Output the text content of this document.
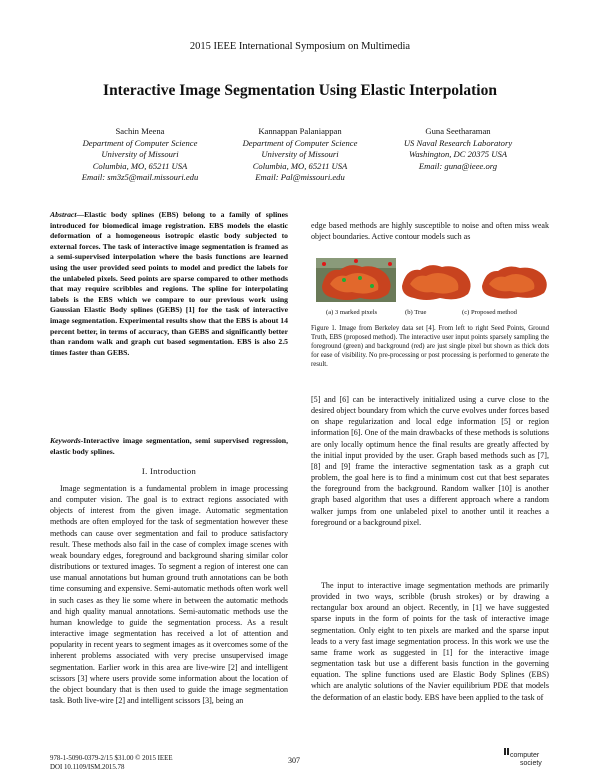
2015 IEEE International Symposium on Multimedia
Interactive Image Segmentation Using Elastic Interpolation
Sachin Meena
Department of Computer Science
University of Missouri
Columbia, MO, 65211 USA
Email: sm3z5@mail.missouri.edu
Kannappan Palaniappan
Department of Computer Science
University of Missouri
Columbia, MO, 65211 USA
Email: Pal@missouri.edu
Guna Seetharaman
US Naval Research Laboratory
Washington, DC 20375 USA
Email: guna@ieee.org
Abstract—Elastic body splines (EBS) belong to a family of splines introduced for biomedical image registration. EBS models the elastic deformation of a homogeneous isotropic elastic body subjected to external forces. The task of interactive image segmentation is framed as a semi-supervised interpolation where the basis functions are learned using the user provided seed points to model and predict the labels for the unlabeled pixels. Seed points are sparse compared to other methods that may require scribbles and regions. The spline for interpolating labels is the EBS which we compare to our previous work using Gaussian Elastic Body splines (GEBS) [1] for the task of interactive image segmentation. Experimental results show that the EBS is about 14 percent better, in terms of accuracy, than GEBS and significantly better than random walk and graph cut based segmentation. EBS is also 2.5 times faster than GEBS.
Keywords-Interactive image segmentation, semi supervised regression, elastic body splines.
I. Introduction

Image segmentation is a fundamental problem in image processing and computer vision. The goal is to extract regions associated with objects of interest from the given image. Automatic segmentation methods are often employed for the task of segmentation however these methods can cause over segmentation and fail to produce satisfactory result. These methods also fail in the case of complex image scenes with weak boundary edges, foreground and background sharing similar color distributions or textured images. To segment a region of interest one can use manual annotations but human ground truth annotations can be both time consuming and expensive. Semi-automatic methods often work well in such cases as they lie some where in between the automatic methods and high quality manual annotations. Semi-automatic methods use the human knowledge to guide the segmentation process. As a result interactive image segmentation has received a lot of attention and popularity in recent years to segment images as it overcomes some of the inherent problems associated with very precise unsupervised image segmentation. Earlier work in this area are live-wire [2] and intelligent scissors [3] where users provide some information about the location of the object boundary that is then used to guide the image segmentation task. Both live-wire [2] and intelligent scissors [3], being an

edge based methods are highly susceptible to noise and often miss weak object boundaries. Active contour models such as

(a) 3 marked pixels	(b) True	(c) Proposed method
Figure 1. Image from Berkeley data set [4]. From left to right Seed Points, Ground Truth, EBS (proposed method). The interactive user input points sparsely sampling the foreground (green) and background (red) are just single pixel but shown as thick dots for ease of visibility. No pre-processing or post processing is performed to generate the result.

[5] and [6] can be interactively initialized using a curve close to the desired object boundary from which the curve evolves under forces based on shape regularization and local edge information [5] or region information [6]. One of the main drawbacks of these methods is solutions are only locally optimum hence the final results are greatly affected by the initial input provided by the user. Graph based methods such as [7], [8] and [9] frame the interactive segmentation task as a graph cut problem, the goal here is to find a minimum cost cut that best separates the foreground from the background. Random walker [10] is another graph based algorithm that uses a different approach where a random walker jumps from one unlabeled pixel to another until it reaches a foreground or a background pixel.

The input to interactive image segmentation methods are primarily provided in two ways, scribble (brush strokes) or by drawing a rectangular box around an object. Recently, in [1] we have suggested sparse inputs in the form of points for the task of interactive image segmentation. Only eight to ten pixels are marked and the sparse input leads to a very fast image segmentation process. In this work we use the same frame work as suggested in [1] for the interactive image segmentation task but use a different basis function in the governing equation. The spline functions used are Elastic Body Splines (EBS) which are analytic solutions of the Navier equilibrium PDE that models the deformation of an elastic body. EBS have been applied to the task of

978-1-5090-0379-2/15 $31.00 © 2015 IEEE
DOI 10.1109/ISM.2015.78
307
computer
society
